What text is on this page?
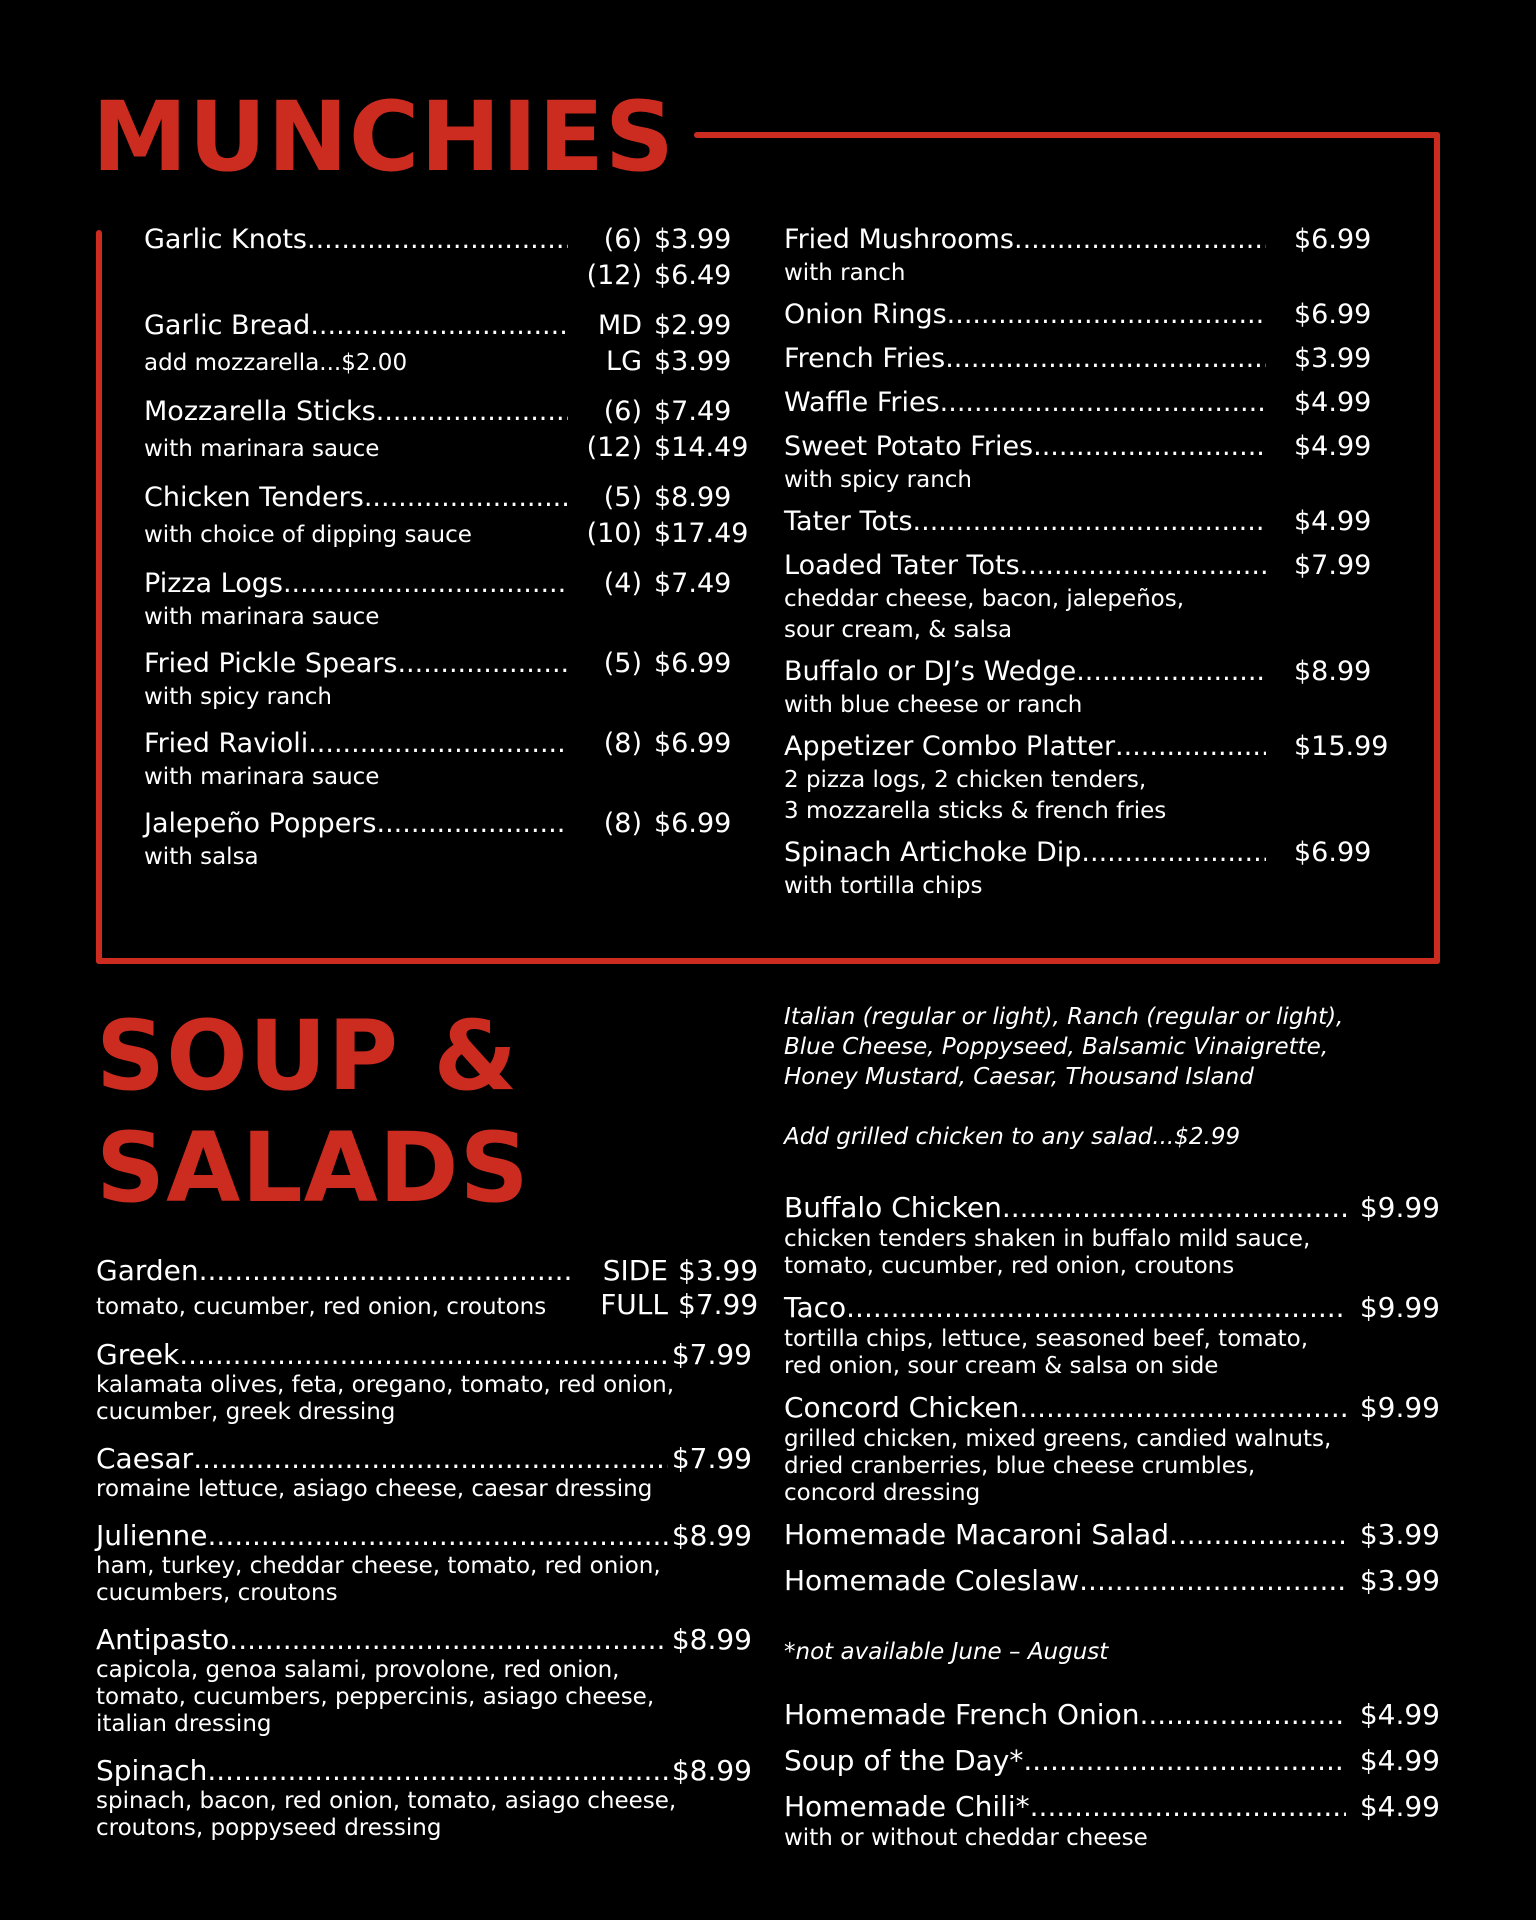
MUNCHIES
Garlic Knots .....	(6) $3.99
(12) $6.49
Garlic Bread .....	MD $2.99
add mozzarella...$2.00	LG $3.99
Mozzarella Sticks .....	(6) $7.49
with marinara sauce	(12) $14.49
Chicken Tenders .....	(5) $8.99
with choice of dipping sauce	(10) $17.49
Pizza Logs .....	(4) $7.49
with marinara sauce
Fried Pickle Spears .....	(5) $6.99
with spicy ranch
Fried Ravioli .....	(8) $6.99
with marinara sauce
Jalepeño Poppers .....	(8) $6.99
with salsa
Fried Mushrooms .....	$6.99
with ranch
Onion Rings .....	$6.99
French Fries .....	$3.99
Waffle Fries .....	$4.99
Sweet Potato Fries .....	$4.99
with spicy ranch
Tater Tots .....	$4.99
Loaded Tater Tots .....	$7.99
cheddar cheese, bacon, jalepeños,
sour cream, & salsa
Buffalo or DJ’s Wedge .....	$8.99
with blue cheese or ranch
Appetizer Combo Platter .....	$15.99
2 pizza logs, 2 chicken tenders,
3 mozzarella sticks & french fries
Spinach Artichoke Dip .....	$6.99
with tortilla chips
SOUP &
SALADS

Italian (regular or light), Ranch (regular or light),

Blue Cheese, Poppyseed, Balsamic Vinaigrette,

Honey Mustard, Caesar, Thousand Island

Add grilled chicken to any salad...$2.99

Garden .....	SIDE $3.99
tomato, cucumber, red onion, croutons	FULL $7.99
Greek .....	$7.99
kalamata olives, feta, oregano, tomato, red onion, cucumber, greek dressing
Caesar .....	$7.99
romaine lettuce, asiago cheese, caesar dressing
Julienne .....	$8.99
ham, turkey, cheddar cheese, tomato, red onion, cucumbers, croutons
Antipasto .....	$8.99
capicola, genoa salami, provolone, red onion, tomato, cucumbers, peppercinis, asiago cheese, italian dressing
Spinach .....	$8.99
spinach, bacon, red onion, tomato, asiago cheese, croutons, poppyseed dressing
Buffalo Chicken .....	$9.99
chicken tenders shaken in buffalo mild sauce, tomato, cucumber, red onion, croutons
Taco .....	$9.99
tortilla chips, lettuce, seasoned beef, tomato, red onion, sour cream & salsa on side
Concord Chicken .....	$9.99
grilled chicken, mixed greens, candied walnuts, dried cranberries, blue cheese crumbles, concord dressing
Homemade Macaroni Salad .....	$3.99
Homemade Coleslaw .....	$3.99
*not available June – August
Homemade French Onion .....	$4.99
Soup of the Day* .....	$4.99
Homemade Chili* .....	$4.99
with or without cheddar cheese
